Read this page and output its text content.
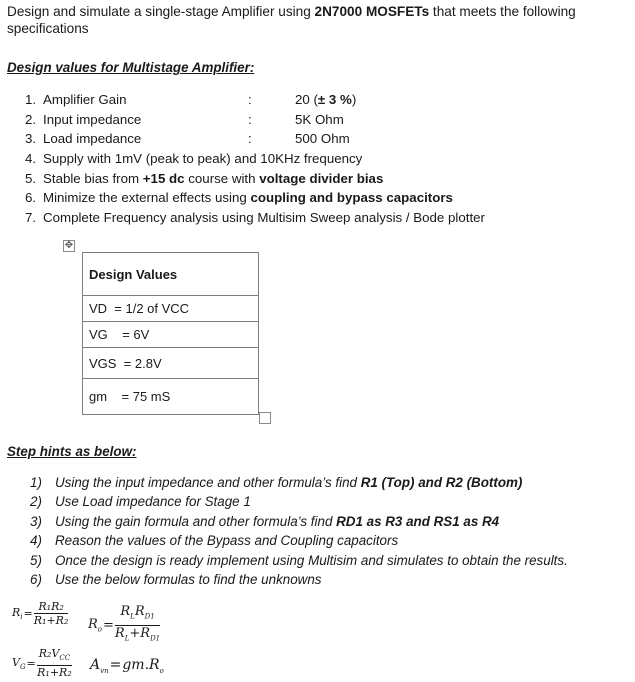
Design and simulate a single-stage Amplifier using 2N7000 MOSFETs that meets the following specifications
Design values for Multistage Amplifier:
1. Amplifier Gain	:	20 (± 3 %)
2. Input impedance	:	5K Ohm
3. Load impedance	:	500 Ohm
4. Supply with 1mV (peak to peak) and 10KHz frequency
5. Stable bias from +15 dc course with voltage divider bias
6. Minimize the external effects using coupling and bypass capacitors
7. Complete Frequency analysis using Multisim Sweep analysis / Bode plotter
✥
Design Values
VD  = 1/2 of VCC
VG    = 6V
VGS  = 2.8V
gm    = 75 mS
Step hints as below:
1) Using the input impedance and other formula’s find R1 (Top) and R2 (Bottom)
2) Use Load impedance for Stage 1
3) Using the gain formula and other formula’s find RD1 as R3 and RS1 as R4
4) Reason the values of the Bypass and Coupling capacitors
5) Once the design is ready implement using Multisim and simulates to obtain the results.
6) Use the below formulas to find the unknowns
$R_i= \frac{\text{R₁R₂}}{\text{R₁+R₂}} R_o= \frac{R_LR_{D1}}{R_L+R_{D1}}$
$V_G= \frac{R_2V_{CC}}{\text{R₁+R₂}} A_{vn}=gm.R_o$
